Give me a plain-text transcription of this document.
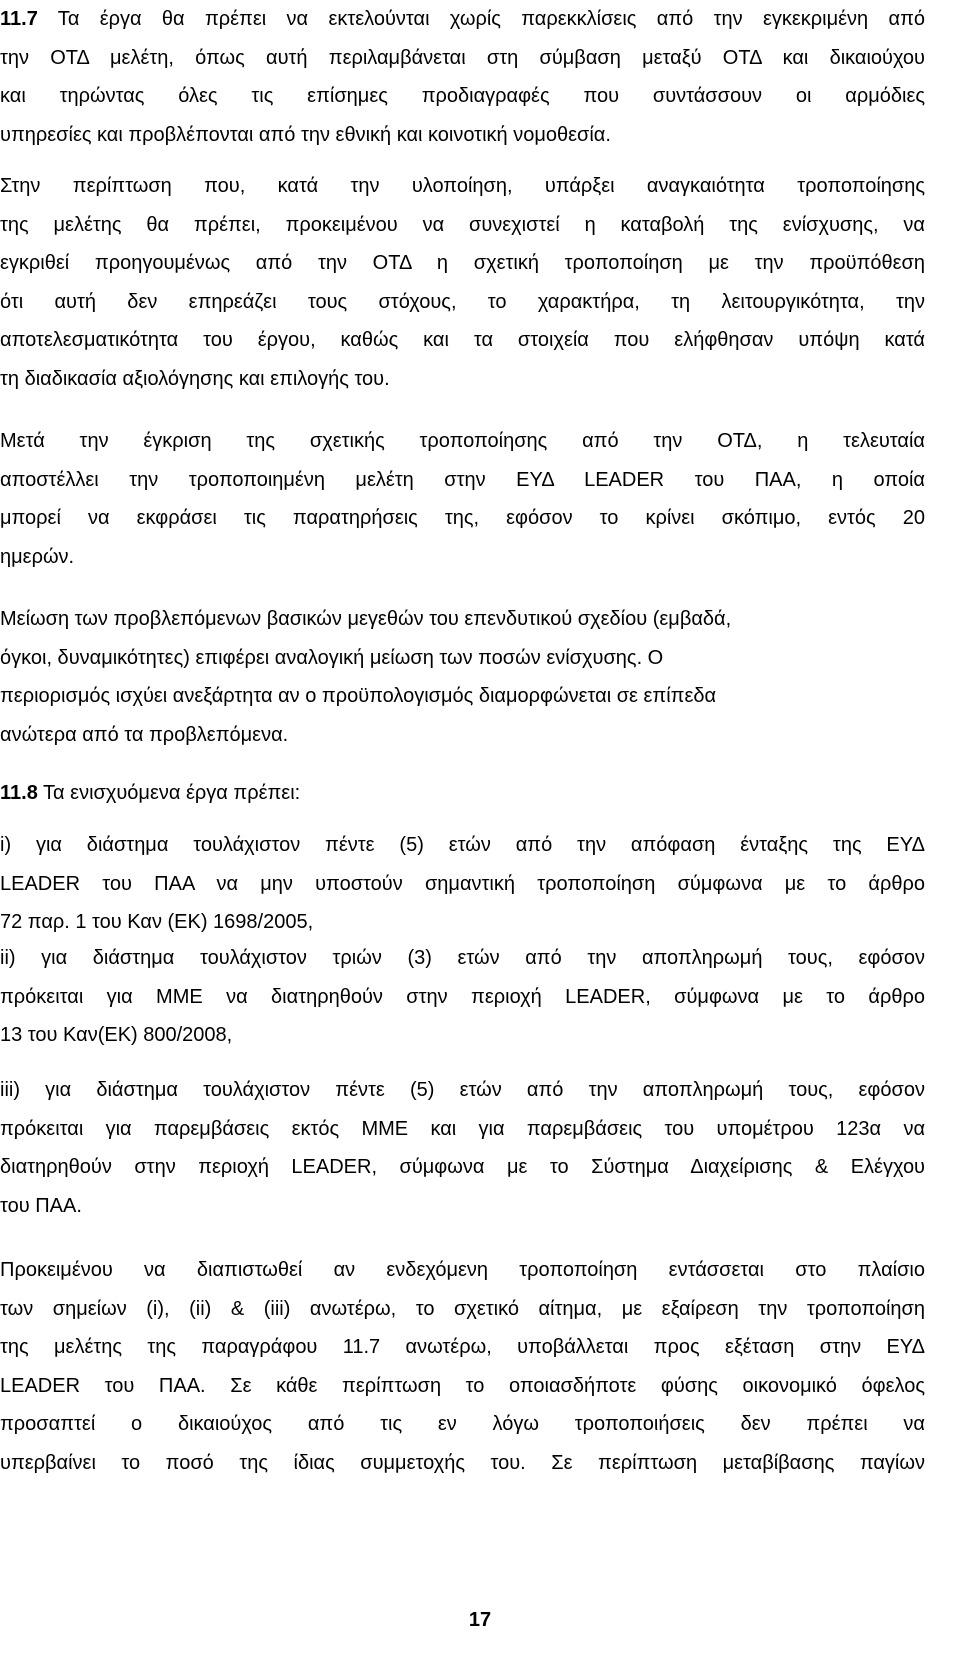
11.7 Τα έργα θα πρέπει να εκτελούνται χωρίς παρεκκλίσεις από την εγκεκριμένη από
την ΟΤΔ μελέτη, όπως αυτή περιλαμβάνεται στη σύμβαση μεταξύ ΟΤΔ και δικαιούχου
και τηρώντας όλες τις επίσημες προδιαγραφές που συντάσσουν οι αρμόδιες
υπηρεσίες και προβλέπονται από την εθνική και κοινοτική νομοθεσία.
Στην περίπτωση που, κατά την υλοποίηση, υπάρξει αναγκαιότητα τροποποίησης
της μελέτης θα πρέπει, προκειμένου να συνεχιστεί η καταβολή της ενίσχυσης, να
εγκριθεί προηγουμένως από την ΟΤΔ η σχετική τροποποίηση με την προϋπόθεση
ότι αυτή δεν επηρεάζει τους στόχους, το χαρακτήρα, τη λειτουργικότητα, την
αποτελεσματικότητα του έργου, καθώς και τα στοιχεία που ελήφθησαν υπόψη κατά
τη διαδικασία αξιολόγησης και επιλογής του.
Μετά την έγκριση της σχετικής τροποποίησης από την ΟΤΔ, η τελευταία
αποστέλλει την τροποποιημένη μελέτη στην ΕΥΔ LEADER του ΠΑΑ, η οποία
μπορεί να εκφράσει τις παρατηρήσεις της, εφόσον το κρίνει σκόπιμο, εντός 20
ημερών.
Μείωση των προβλεπόμενων βασικών μεγεθών του επενδυτικού σχεδίου (εμβαδά,
όγκοι, δυναμικότητες) επιφέρει αναλογική μείωση των ποσών ενίσχυσης. Ο
περιορισμός ισχύει ανεξάρτητα αν ο προϋπολογισμός διαμορφώνεται σε επίπεδα
ανώτερα από τα προβλεπόμενα.
11.8 Τα ενισχυόμενα έργα πρέπει:
i) για διάστημα τουλάχιστον πέντε (5) ετών από την απόφαση ένταξης της ΕΥΔ
LEADER του ΠΑΑ να μην υποστούν σημαντική τροποποίηση σύμφωνα με το άρθρο
72 παρ. 1 του Καν (ΕΚ) 1698/2005,
ii) για διάστημα τουλάχιστον τριών (3) ετών από την αποπληρωμή τους, εφόσον
πρόκειται για ΜΜΕ να διατηρηθούν στην περιοχή LEADER, σύμφωνα με το άρθρο
13 του Καν(ΕΚ) 800/2008,
iii) για διάστημα τουλάχιστον πέντε (5) ετών από την αποπληρωμή τους, εφόσον
πρόκειται για παρεμβάσεις εκτός ΜΜΕ και για παρεμβάσεις του υπομέτρου 123α να
διατηρηθούν στην περιοχή LEADER, σύμφωνα με το Σύστημα Διαχείρισης & Ελέγχου
του ΠΑΑ.
Προκειμένου να διαπιστωθεί αν ενδεχόμενη τροποποίηση εντάσσεται στο πλαίσιο
των σημείων (i), (ii) & (iii) ανωτέρω, το σχετικό αίτημα, με εξαίρεση την τροποποίηση
της μελέτης της παραγράφου 11.7 ανωτέρω, υποβάλλεται προς εξέταση στην ΕΥΔ
LEADER του ΠΑΑ. Σε κάθε περίπτωση το οποιασδήποτε φύσης οικονομικό όφελος
προσαπτεί ο δικαιούχος από τις εν λόγω τροποποιήσεις δεν πρέπει να
υπερβαίνει το ποσό της ίδιας συμμετοχής του. Σε περίπτωση μεταβίβασης παγίων
17
